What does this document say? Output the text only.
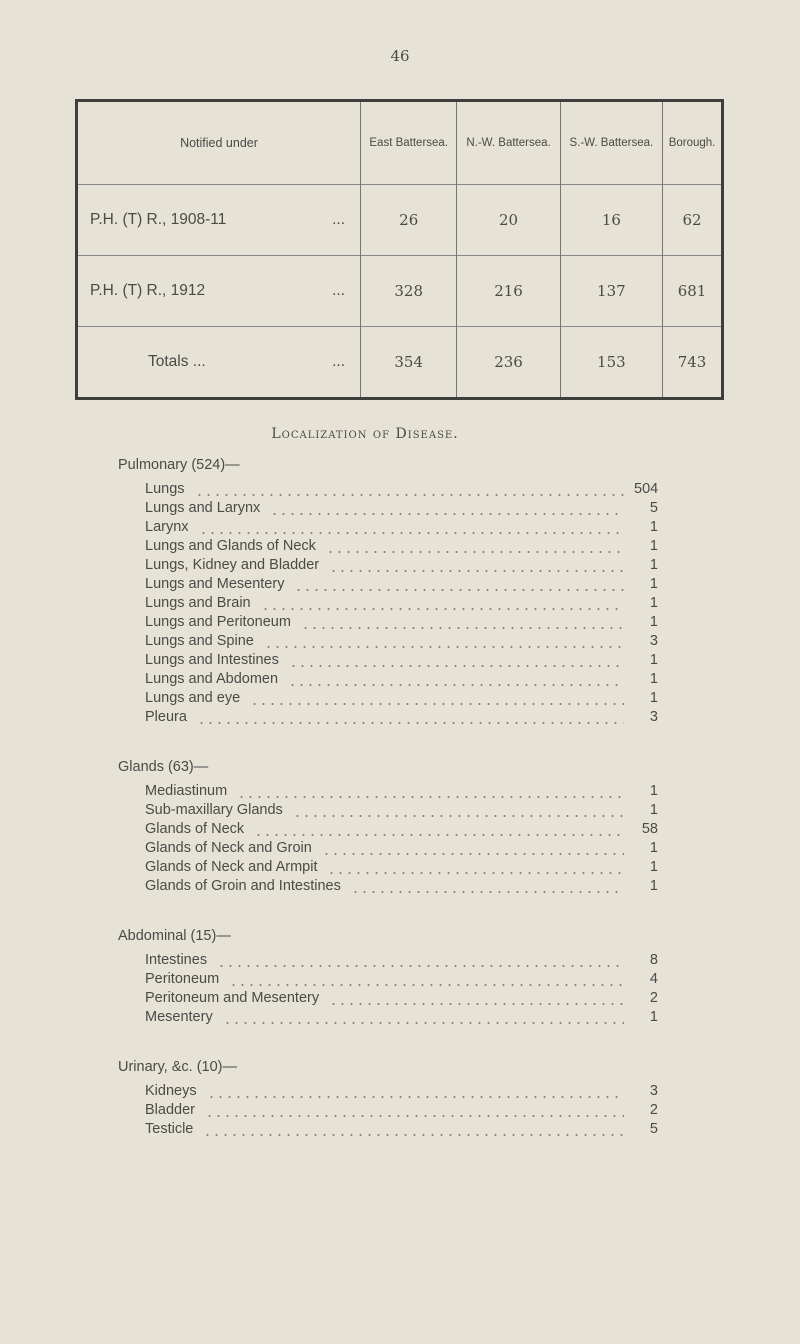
46
Notified under	East Battersea.	N.-W. Battersea.	S.-W. Battersea.	Borough.
P.H. (T) R., 1908-11 ...	26	20	16	62
P.H. (T) R., 1912 ...	328	216	137	681
Totals ... ...	354	236	153	743
Localization of Disease.
Pulmonary (524)—
Lungs	504
Lungs and Larynx	5
Larynx	1
Lungs and Glands of Neck	1
Lungs, Kidney and Bladder	1
Lungs and Mesentery	1
Lungs and Brain	1
Lungs and Peritoneum	1
Lungs and Spine	3
Lungs and Intestines	1
Lungs and Abdomen	1
Lungs and eye	1
Pleura	3
Glands (63)—
Mediastinum	1
Sub-maxillary Glands	1
Glands of Neck	58
Glands of Neck and Groin	1
Glands of Neck and Armpit	1
Glands of Groin and Intestines	1
Abdominal (15)—
Intestines	8
Peritoneum	4
Peritoneum and Mesentery	2
Mesentery	1
Urinary, &c. (10)—
Kidneys	3
Bladder	2
Testicle	5
